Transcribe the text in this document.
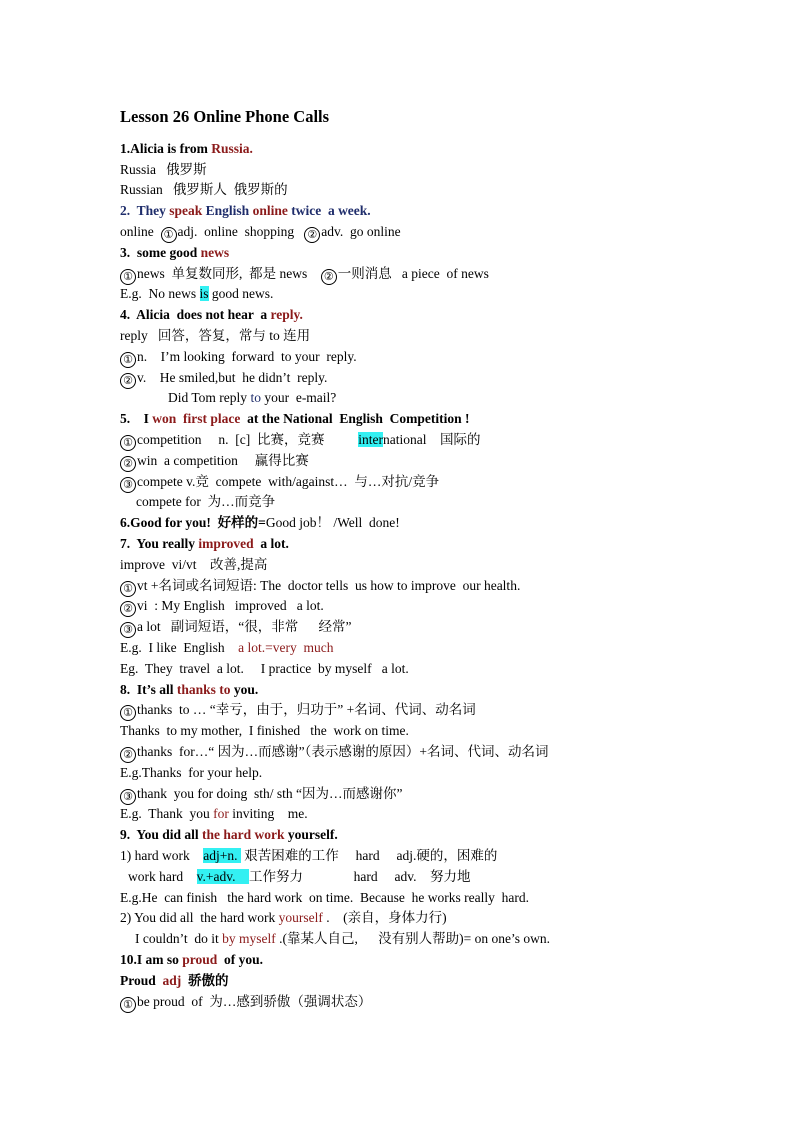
Lesson 26 Online Phone Calls
1.Alicia is from Russia.
Russia   俄罗斯
Russian   俄罗斯人  俄罗斯的
2.  They speak English online twice a week.
online  ① adj.  online  shopping   ② adv.  go online
3.  some good news
① news  单复数同形,  都是 news    ② 一则消息   a piece  of news
E.g.  No news is good news.
4.  Alicia  does not hear  a reply.
reply   回答，答复，常与 to 连用
① n.    I’m looking  forward  to your  reply.
② v.    He smiled,but  he didn’t  reply.
Did Tom reply to your  e-mail?
5.    I won first place  at the National  English  Competition !
① competition     n.  [c]  比赛，竞赛          international    国际的
② win  a competition     赢得比赛
③ compete v.竞  compete  with/against…  与…对抗/竞争
compete for  为…而竞争
6.Good for you!  好样的=Good job！ /Well  done!
7.  You really improved  a lot.
improve  vi/vt    改善,提高
① vt +名词或名词短语: The  doctor tells  us how to improve  our health.
② vi  : My English   improved   a lot.
③ a lot   副词短语，“很，非常      经常”
E.g.  I like  English    a lot.=very  much
Eg.  They  travel  a lot.     I practice  by myself   a lot.
8.  It’s all thanks to you.
① thanks  to … “幸亏，由于，归功于” +名词、代词、动名词
Thanks  to my mother,  I finished   the  work on time.
② thanks  for…“ 因为…而感谢”（表示感谢的原因）+名词、代词、动名词
E.g.Thanks  for your help.
③ thank  you for doing  sth/ sth “因为…而感谢你”
E.g.  Thank  you for inviting    me.
9.  You did all the hard work yourself.
1) hard work    adj+n.  艰苦困难的工作     hard     adj.硬的，困难的
work hard    v.+adv.    工作努力               hard     adv.    努力地
E.g.He  can finish   the hard work  on time.  Because  he works really  hard.
2) You did all  the hard work yourself .    (亲自，身体力行)
I couldn’t  do it by myself .(靠某人自己,      没有别人帮助)= on one’s own.
10.I am so proud  of you.
Proud  adj  骄傲的
① be proud  of  为…感到骄傲（强调状态）
